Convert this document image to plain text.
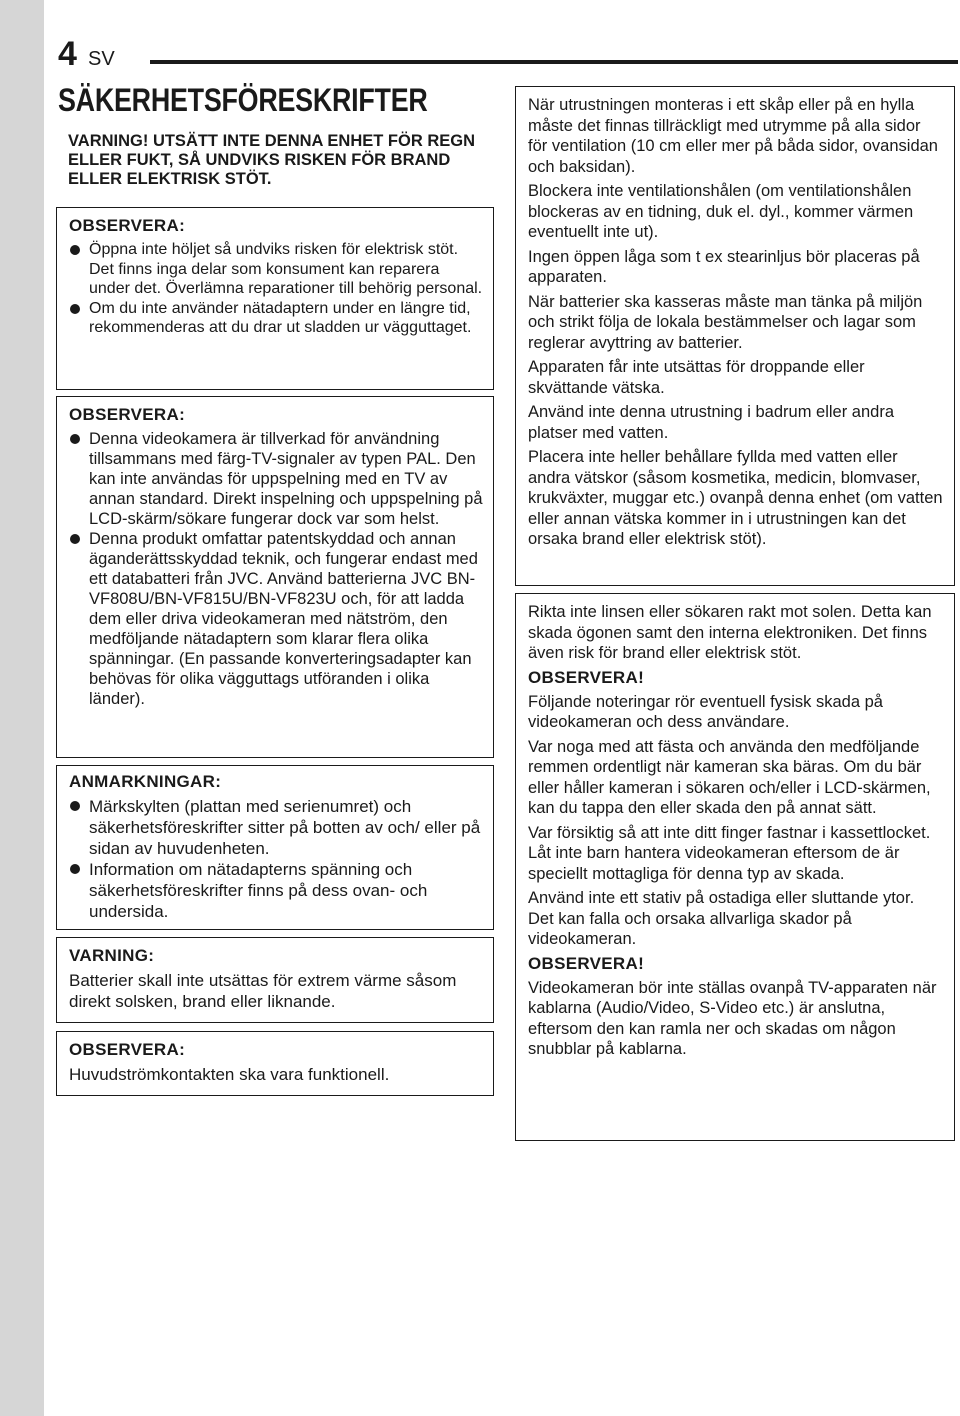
4 SV
SÄKERHETSFÖRESKRIFTER
VARNING! UTSÄTT INTE DENNA ENHET FÖR REGN ELLER FUKT, SÅ UNDVIKS RISKEN FÖR BRAND ELLER ELEKTRISK STÖT.
OBSERVERA:
Öppna inte höljet så undviks risken för elektrisk stöt. Det finns inga delar som konsument kan reparera under det. Överlämna reparationer till behörig personal.
Om du inte använder nätadaptern under en längre tid, rekommenderas att du drar ut sladden ur vägguttaget.
OBSERVERA:
Denna videokamera är tillverkad för användning tillsammans med färg-TV-signaler av typen PAL. Den kan inte användas för uppspelning med en TV av annan standard. Direkt inspelning och uppspelning på LCD-skärm/sökare fungerar dock var som helst.
Denna produkt omfattar patentskyddad och annan äganderättsskyddad teknik, och fungerar endast med ett databatteri från JVC. Använd batterierna JVC BN-VF808U/BN-VF815U/BN-VF823U och, för att ladda dem eller driva videokameran med nätström, den medföljande nätadaptern som klarar flera olika spänningar. (En passande konverteringsadapter kan behövas för olika vägguttags utföranden i olika länder).
ANMARKNINGAR:
Märkskylten (plattan med serienumret) och säkerhetsföreskrifter sitter på botten av och/ eller på sidan av huvudenheten.
Information om nätadapterns spänning och säkerhetsföreskrifter finns på dess ovan- och undersida.
VARNING:
Batterier skall inte utsättas för extrem värme såsom direkt solsken, brand eller liknande.
OBSERVERA:
Huvudströmkontakten ska vara funktionell.

När utrustningen monteras i ett skåp eller på en hylla måste det finnas tillräckligt med utrymme på alla sidor för ventilation (10 cm eller mer på båda sidor, ovansidan och baksidan).

Blockera inte ventilationshålen (om ventilationshålen blockeras av en tidning, duk el. dyl., kommer värmen eventuellt inte ut).

Ingen öppen låga som t ex stearinljus bör placeras på apparaten.

När batterier ska kasseras måste man tänka på miljön och strikt följa de lokala bestämmelser och lagar som reglerar avyttring av batterier.

Apparaten får inte utsättas för droppande eller skvättande vätska.

Använd inte denna utrustning i badrum eller andra platser med vatten.

Placera inte heller behållare fyllda med vatten eller andra vätskor (såsom kosmetika, medicin, blomvaser, krukväxter, muggar etc.) ovanpå denna enhet (om vatten eller annan vätska kommer in i utrustningen kan det orsaka brand eller elektrisk stöt).

Rikta inte linsen eller sökaren rakt mot solen. Detta kan skada ögonen samt den interna elektroniken. Det finns även risk för brand eller elektrisk stöt.

OBSERVERA!

Följande noteringar rör eventuell fysisk skada på videokameran och dess användare.

Var noga med att fästa och använda den medföljande remmen ordentligt när kameran ska bäras. Om du bär eller håller kameran i sökaren och/eller i LCD-skärmen, kan du tappa den eller skada den på annat sätt.

Var försiktig så att inte ditt finger fastnar i kassettlocket. Låt inte barn hantera videokameran eftersom de är speciellt mottagliga för denna typ av skada.

Använd inte ett stativ på ostadiga eller sluttande ytor. Det kan falla och orsaka allvarliga skador på videokameran.

OBSERVERA!

Videokameran bör inte ställas ovanpå TV-apparaten när kablarna (Audio/Video, S-Video etc.) är anslutna, eftersom den kan ramla ner och skadas om någon snubblar på kablarna.
